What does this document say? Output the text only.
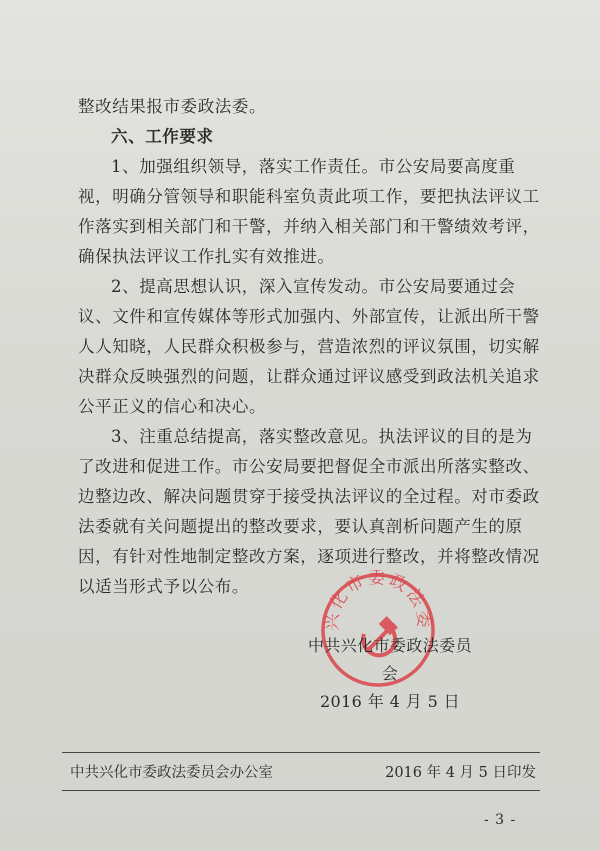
整改结果报市委政法委。

六、工作要求

1、加强组织领导，落实工作责任。市公安局要高度重视，明确分管领导和职能科室负责此项工作，要把执法评议工作落实到相关部门和干警，并纳入相关部门和干警绩效考评，确保执法评议工作扎实有效推进。

2、提高思想认识，深入宣传发动。市公安局要通过会议、文件和宣传媒体等形式加强内、外部宣传，让派出所干警人人知晓，人民群众积极参与，营造浓烈的评议氛围，切实解决群众反映强烈的问题，让群众通过评议感受到政法机关追求公平正义的信心和决心。

3、注重总结提高，落实整改意见。执法评议的目的是为了改进和促进工作。市公安局要把督促全市派出所落实整改、边整边改、解决问题贯穿于接受执法评议的全过程。对市委政法委就有关问题提出的整改要求，要认真剖析问题产生的原因，有针对性地制定整改方案，逐项进行整改，并将整改情况以适当形式予以公布。

兴化市委政法委
中共兴化市委政法委员会
2016 年 4 月 5 日
中共兴化市委政法委员会办公室	2016 年 4 月 5 日印发
- 3 -
